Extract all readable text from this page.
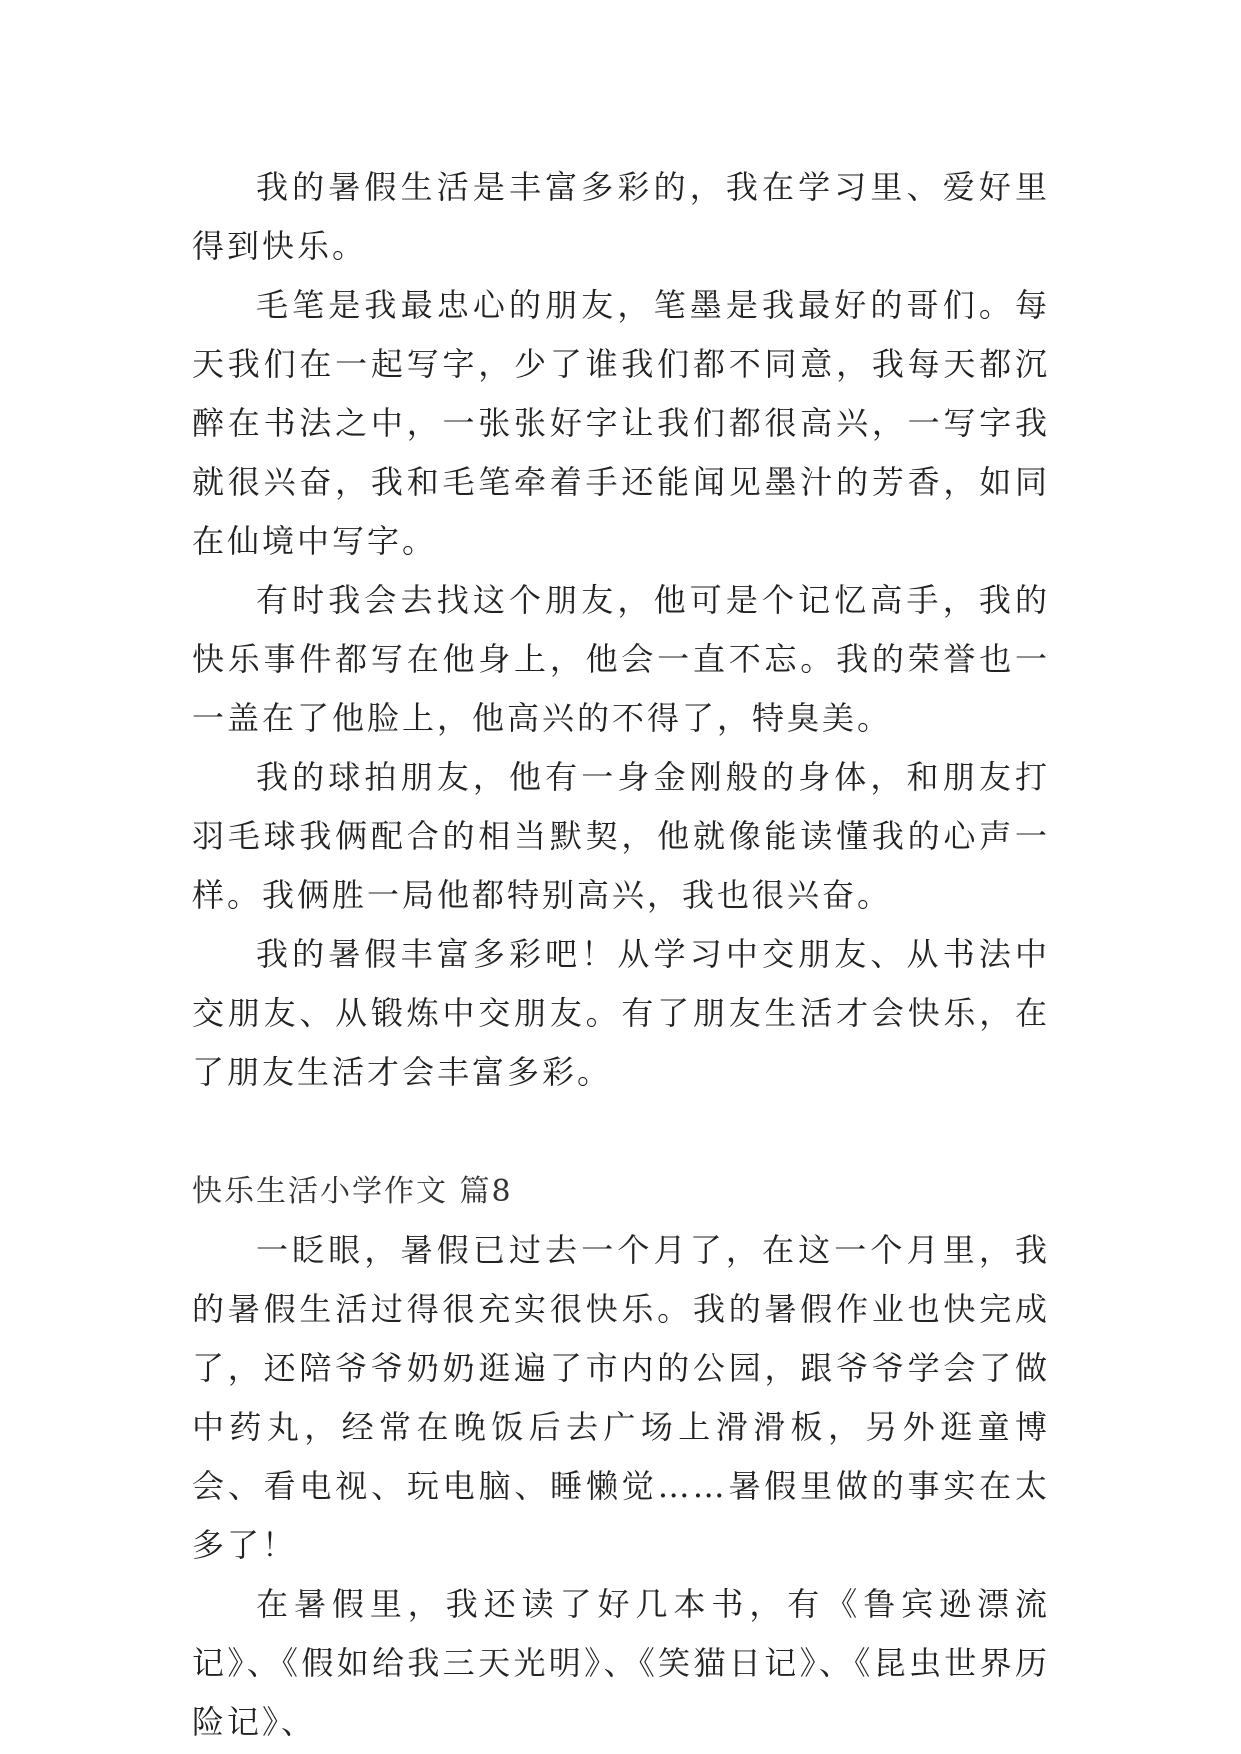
我的暑假生活是丰富多彩的，我在学习里、爱好里得到快乐。

毛笔是我最忠心的朋友，笔墨是我最好的哥们。每天我们在一起写字，少了谁我们都不同意，我每天都沉醉在书法之中，一张张好字让我们都很高兴，一写字我就很兴奋，我和毛笔牵着手还能闻见墨汁的芳香，如同在仙境中写字。

有时我会去找这个朋友，他可是个记忆高手，我的快乐事件都写在他身上，他会一直不忘。我的荣誉也一一盖在了他脸上，他高兴的不得了，特臭美。

我的球拍朋友，他有一身金刚般的身体，和朋友打羽毛球我俩配合的相当默契，他就像能读懂我的心声一样。我俩胜一局他都特别高兴，我也很兴奋。

我的暑假丰富多彩吧！从学习中交朋友、从书法中交朋友、从锻炼中交朋友。有了朋友生活才会快乐，在了朋友生活才会丰富多彩。

快乐生活小学作文 篇8

一眨眼，暑假已过去一个月了，在这一个月里，我的暑假生活过得很充实很快乐。我的暑假作业也快完成了，还陪爷爷奶奶逛遍了市内的公园，跟爷爷学会了做中药丸，经常在晚饭后去广场上滑滑板，另外逛童博会、看电视、玩电脑、睡懒觉……暑假里做的事实在太多了！

在暑假里，我还读了好几本书，有《鲁宾逊漂流记》、《假如给我三天光明》、《笑猫日记》、《昆虫世界历险记》、
